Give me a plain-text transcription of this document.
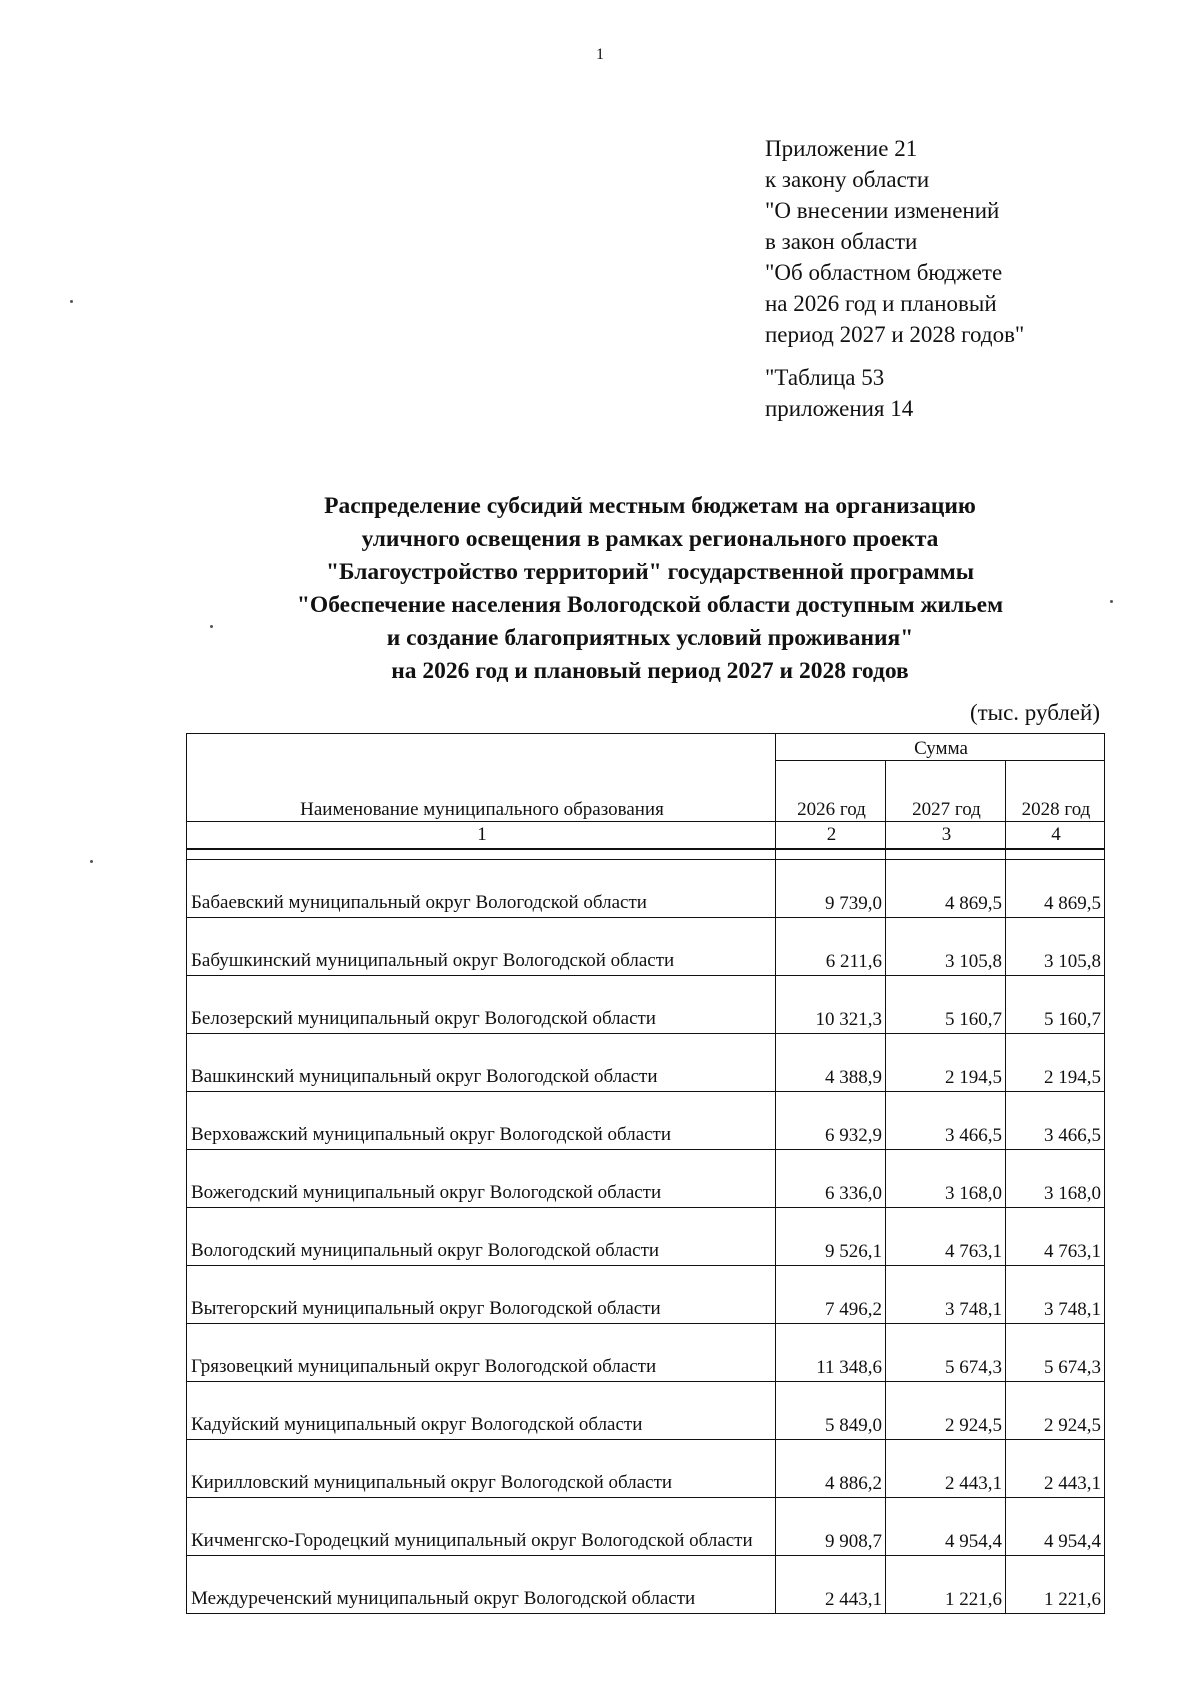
1
Приложение 21
к закону области
"О внесении изменений
в закон области
"Об областном бюджете
на 2026 год и плановый
период 2027 и 2028 годов"
"Таблица 53
приложения 14
Распределение субсидий местным бюджетам на организацию
уличного освещения в рамках регионального проекта
"Благоустройство территорий" государственной программы
"Обеспечение населения Вологодской области доступным жильем
и создание благоприятных условий проживания"
на 2026 год и плановый период 2027 и 2028 годов
(тыс. рублей)
Наименование муниципального образования	Сумма		
	2026 год	2027 год	2028 год
1	2	3	4

Бабаевский муниципальный округ Вологодской области	9 739,0	4 869,5	4 869,5
Бабушкинский муниципальный округ Вологодской области	6 211,6	3 105,8	3 105,8
Белозерский муниципальный округ Вологодской области	10 321,3	5 160,7	5 160,7
Вашкинский муниципальный округ Вологодской области	4 388,9	2 194,5	2 194,5
Верховажский муниципальный округ Вологодской области	6 932,9	3 466,5	3 466,5
Вожегодский муниципальный округ Вологодской области	6 336,0	3 168,0	3 168,0
Вологодский муниципальный округ Вологодской области	9 526,1	4 763,1	4 763,1
Вытегорский муниципальный округ Вологодской области	7 496,2	3 748,1	3 748,1
Грязовецкий муниципальный округ Вологодской области	11 348,6	5 674,3	5 674,3
Кадуйский муниципальный округ Вологодской области	5 849,0	2 924,5	2 924,5
Кирилловский муниципальный округ Вологодской области	4 886,2	2 443,1	2 443,1
Кичменгско-Городецкий муниципальный округ Вологодской области	9 908,7	4 954,4	4 954,4
Междуреченский муниципальный округ Вологодской области	2 443,1	1 221,6	1 221,6
